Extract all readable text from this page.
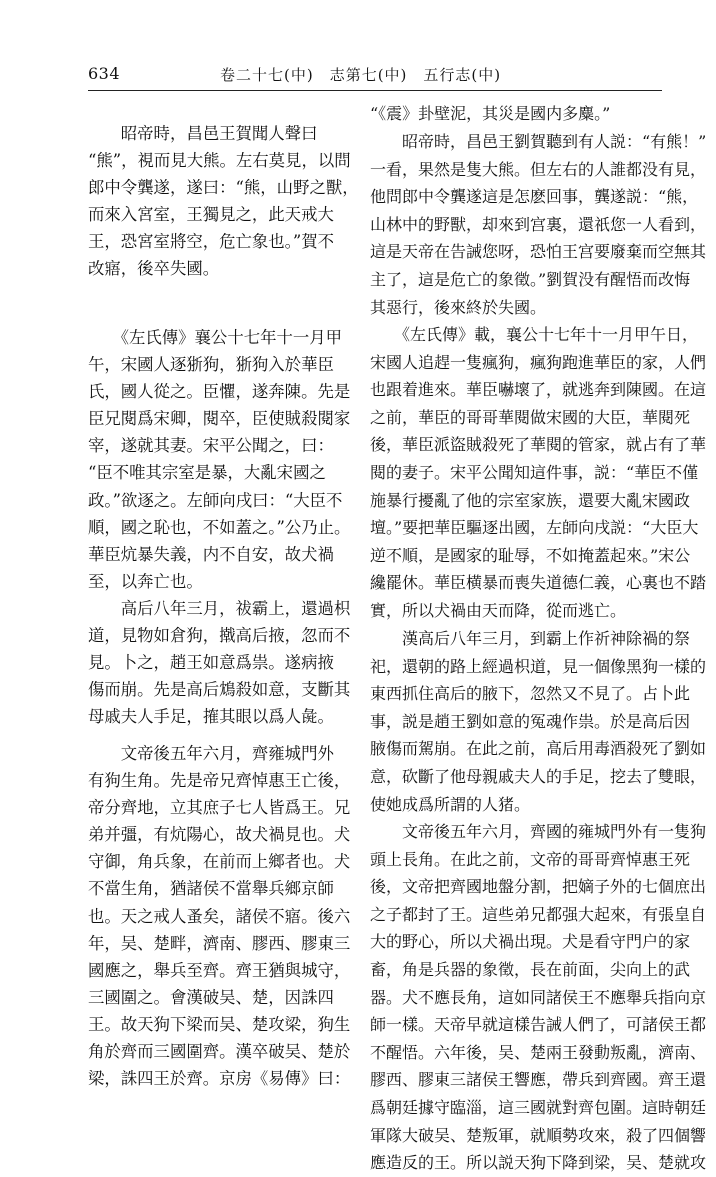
634	卷二十七(中)　志第七(中)　五行志(中)
　　昭帝時，昌邑王賀聞人聲曰
“熊”，視而見大熊。左右莫見，以問
郎中令龔遂，遂曰：“熊，山野之獸，
而來入宮室，王獨見之，此天戒大
王，恐宮室將空，危亡象也。”賀不
改寤，後卒失國。
　　《左氏傳》襄公十七年十一月甲
午，宋國人逐狾狗，狾狗入於華臣
氏，國人從之。臣懼，遂奔陳。先是
臣兄閱爲宋卿，閱卒，臣使賊殺閱家
宰，遂就其妻。宋平公聞之，曰：
“臣不唯其宗室是暴，大亂宋國之
政。”欲逐之。左師向戌曰：“大臣不
順，國之恥也，不如蓋之。”公乃止。
華臣炕暴失義，内不自安，故犬禍
至，以奔亡也。
　　高后八年三月，祓霸上，還過枳
道，見物如倉狗，撠高后掖，忽而不
見。卜之，趙王如意爲祟。遂病掖
傷而崩。先是高后鴆殺如意，支斷其
母戚夫人手足，搉其眼以爲人彘。
　　文帝後五年六月，齊雍城門外
有狗生角。先是帝兄齊悼惠王亡後，
帝分齊地，立其庶子七人皆爲王。兄
弟并彊，有炕陽心，故犬禍見也。犬
守御，角兵象，在前而上鄉者也。犬
不當生角，猶諸侯不當舉兵鄉京師
也。天之戒人蚤矣，諸侯不寤。後六
年，吴、楚畔，濟南、膠西、膠東三
國應之，舉兵至齊。齊王猶與城守，
三國圍之。會漢破吴、楚，因誅四
王。故天狗下梁而吴、楚攻梁，狗生
角於齊而三國圍齊。漢卒破吴、楚於
梁，誅四王於齊。京房《易傳》曰：
“《震》卦壁泥，其災是國内多麋。”
　　昭帝時，昌邑王劉賀聽到有人説：“有熊！”
一看，果然是隻大熊。但左右的人誰都没有見，
他問郎中令龔遂這是怎麽回事，龔遂説：“熊，
山林中的野獸，却來到宫裏，還祇您一人看到，
這是天帝在告誡您呀，恐怕王宫要廢棄而空無其
主了，這是危亡的象徵。”劉賀没有醒悟而改悔
其惡行，後來終於失國。
　　《左氏傳》載，襄公十七年十一月甲午日，
宋國人追趕一隻瘋狗，瘋狗跑進華臣的家，人們
也跟着進來。華臣嚇壞了，就逃奔到陳國。在這
之前，華臣的哥哥華閱做宋國的大臣，華閱死
後，華臣派盜賊殺死了華閱的管家，就占有了華
閱的妻子。宋平公聞知這件事，説：“華臣不僅
施暴行擾亂了他的宗室家族，還要大亂宋國政
壇。”要把華臣驅逐出國，左師向戌説：“大臣大
逆不順，是國家的耻辱，不如掩蓋起來。”宋公
纔罷休。華臣横暴而喪失道德仁義，心裏也不踏
實，所以犬禍由天而降，從而逃亡。
　　漢高后八年三月，到霸上作祈神除禍的祭
祀，還朝的路上經過枳道，見一個像黑狗一樣的
東西抓住高后的腋下，忽然又不見了。占卜此
事，説是趙王劉如意的冤魂作祟。於是高后因
腋傷而駕崩。在此之前，高后用毒酒殺死了劉如
意，砍斷了他母親戚夫人的手足，挖去了雙眼，
使她成爲所謂的人猪。
　　文帝後五年六月，齊國的雍城門外有一隻狗
頭上長角。在此之前，文帝的哥哥齊悼惠王死
後，文帝把齊國地盤分割，把嫡子外的七個庶出
之子都封了王。這些弟兄都强大起來，有張皇自
大的野心，所以犬禍出現。犬是看守門户的家
畜，角是兵器的象徵，長在前面，尖向上的武
器。犬不應長角，這如同諸侯王不應舉兵指向京
師一樣。天帝早就這樣告誡人們了，可諸侯王都
不醒悟。六年後，吴、楚兩王發動叛亂，濟南、
膠西、膠東三諸侯王響應，帶兵到齊國。齊王還
爲朝廷據守臨淄，這三國就對齊包圍。這時朝廷
軍隊大破吴、楚叛軍，就順勢攻來，殺了四個響
應造反的王。所以説天狗下降到梁，吴、楚就攻
